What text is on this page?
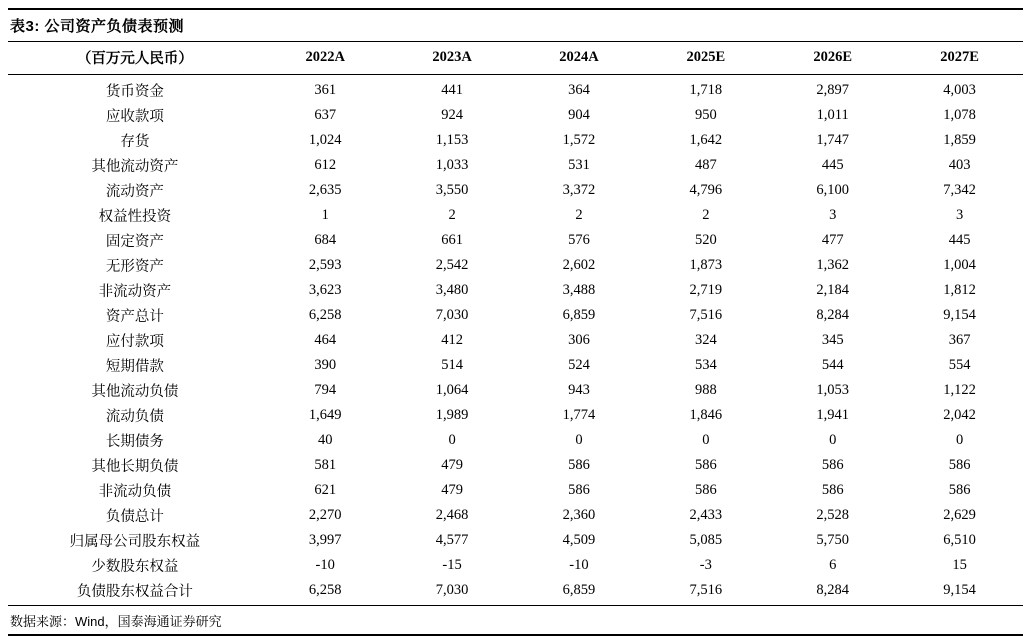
表3: 公司资产负债表预测
（百万元人民币）	2022A	2023A	2024A	2025E	2026E	2027E
货币资金	361	441	364	1,718	2,897	4,003
应收款项	637	924	904	950	1,011	1,078
存货	1,024	1,153	1,572	1,642	1,747	1,859
其他流动资产	612	1,033	531	487	445	403
流动资产	2,635	3,550	3,372	4,796	6,100	7,342
权益性投资	1	2	2	2	3	3
固定资产	684	661	576	520	477	445
无形资产	2,593	2,542	2,602	1,873	1,362	1,004
非流动资产	3,623	3,480	3,488	2,719	2,184	1,812
资产总计	6,258	7,030	6,859	7,516	8,284	9,154
应付款项	464	412	306	324	345	367
短期借款	390	514	524	534	544	554
其他流动负债	794	1,064	943	988	1,053	1,122
流动负债	1,649	1,989	1,774	1,846	1,941	2,042
长期债务	40	0	0	0	0	0
其他长期负债	581	479	586	586	586	586
非流动负债	621	479	586	586	586	586
负债总计	2,270	2,468	2,360	2,433	2,528	2,629
归属母公司股东权益	3,997	4,577	4,509	5,085	5,750	6,510
少数股东权益	-10	-15	-10	-3	6	15
负债股东权益合计	6,258	7,030	6,859	7,516	8,284	9,154
数据来源：Wind，国泰海通证券研究
